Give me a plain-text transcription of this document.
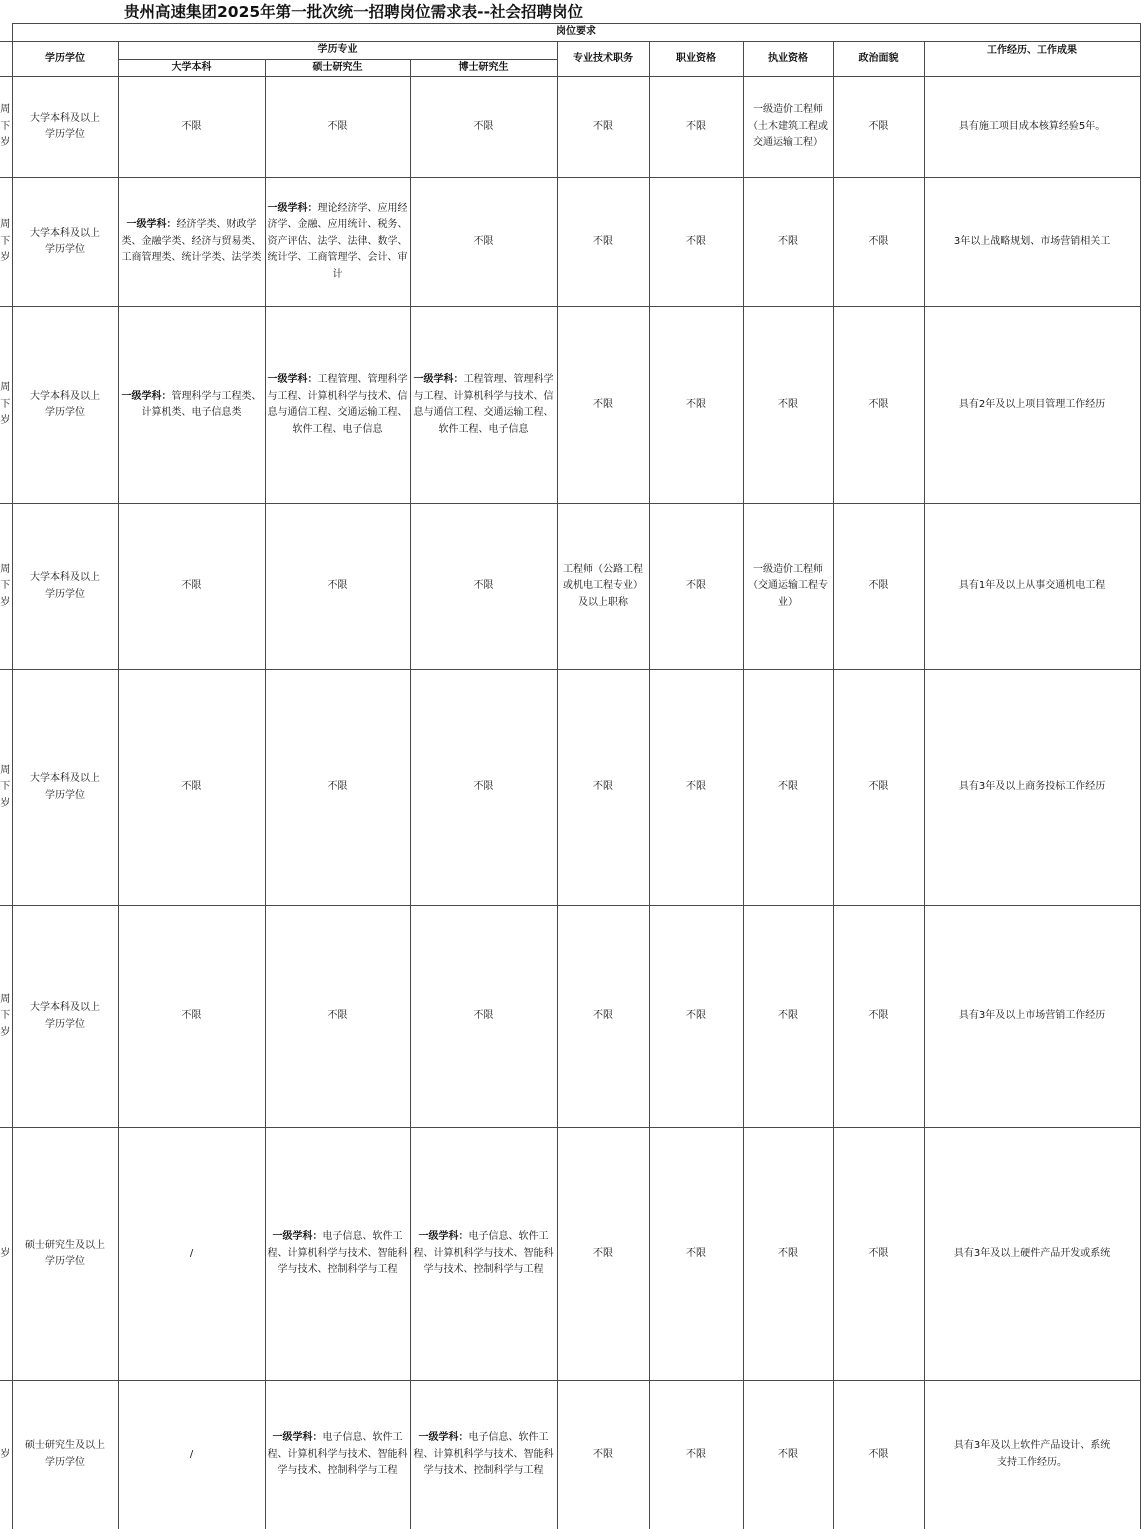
贵州高速集团2025年第一批次统一招聘岗位需求表--社会招聘岗位
	岗位要求								
	学历学位	学历专业			专业技术职务	职业资格	执业资格	政治面貌	工作经历、工作成果
		大学本科	硕士研究生	博士研究生					
周
下
岁	大学本科及以上
学历学位	不限	不限	不限	不限	不限	一级造价工程师
（土木建筑工程或
交通运输工程）	不限	具有施工项目成本核算经验5年。
周
下
岁	大学本科及以上
学历学位	一级学科：经济学类、财政学类、金融学类、经济与贸易类、工商管理类、统计学类、法学类	一级学科：理论经济学、应用经济学、金融、应用统计、税务、资产评估、法学、法律、数学、统计学、工商管理学、会计、审计	不限	不限	不限	不限	不限	3年以上战略规划、市场营销相关工
周
下
岁	大学本科及以上
学历学位	一级学科：管理科学与工程类、计算机类、电子信息类	一级学科：工程管理、管理科学与工程、计算机科学与技术、信息与通信工程、交通运输工程、软件工程、电子信息	一级学科：工程管理、管理科学与工程、计算机科学与技术、信息与通信工程、交通运输工程、软件工程、电子信息	不限	不限	不限	不限	具有2年及以上项目管理工作经历
周
下
岁	大学本科及以上
学历学位	不限	不限	不限	工程师（公路工程
或机电工程专业）
及以上职称	不限	一级造价工程师
（交通运输工程专
业）	不限	具有1年及以上从事交通机电工程
周
下
岁	大学本科及以上
学历学位	不限	不限	不限	不限	不限	不限	不限	具有3年及以上商务投标工作经历
周
下
岁	大学本科及以上
学历学位	不限	不限	不限	不限	不限	不限	不限	具有3年及以上市场营销工作经历
岁	硕士研究生及以上
学历学位	/	一级学科：电子信息、软件工程、计算机科学与技术、智能科学与技术、控制科学与工程	一级学科：电子信息、软件工程、计算机科学与技术、智能科学与技术、控制科学与工程	不限	不限	不限	不限	具有3年及以上硬件产品开发或系统
岁	硕士研究生及以上
学历学位	/	一级学科：电子信息、软件工程、计算机科学与技术、智能科学与技术、控制科学与工程	一级学科：电子信息、软件工程、计算机科学与技术、智能科学与技术、控制科学与工程	不限	不限	不限	不限	具有3年及以上软件产品设计、系统
支持工作经历。
